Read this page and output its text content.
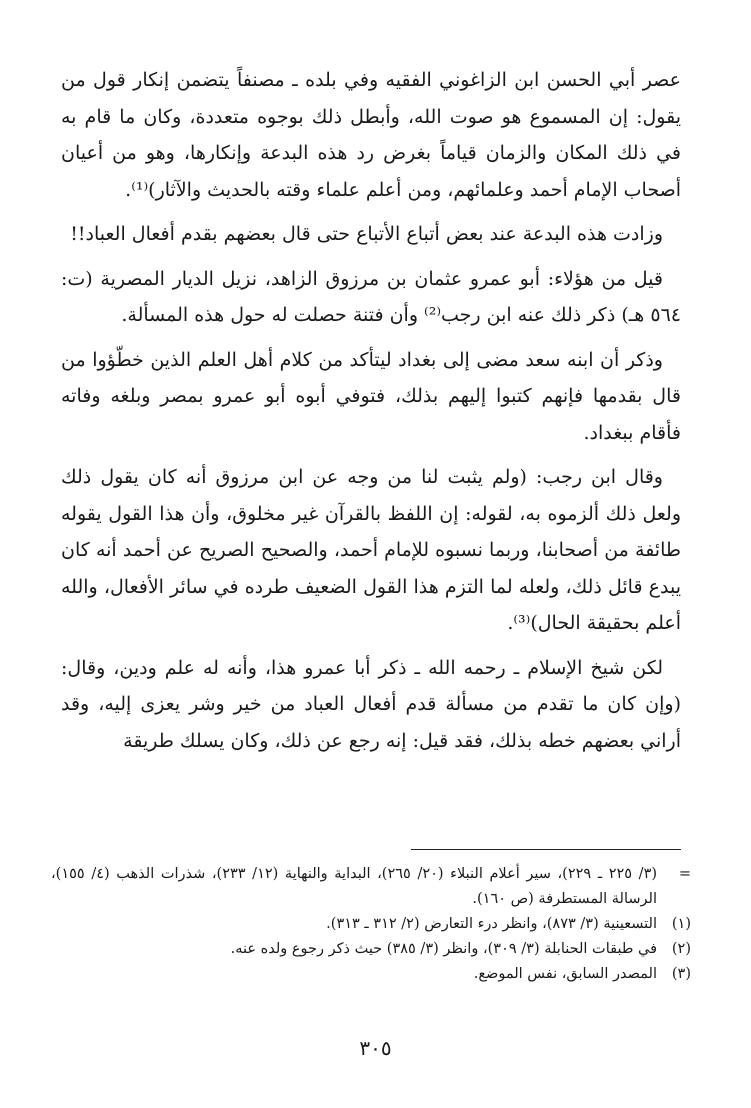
عصر أبي الحسن ابن الزاغوني الفقيه وفي بلده ـ مصنفاً يتضمن إنكار قول من يقول: إن المسموع هو صوت الله، وأبطل ذلك بوجوه متعددة، وكان ما قام به في ذلك المكان والزمان قياماً بغرض رد هذه البدعة وإنكارها، وهو من أعيان أصحاب الإمام أحمد وعلمائهم، ومن أعلم علماء وقته بالحديث والآثار)⁽¹⁾.

وزادت هذه البدعة عند بعض أتباع الأتباع حتى قال بعضهم بقدم أفعال العباد!!

قيل من هؤلاء: أبو عمرو عثمان بن مرزوق الزاهد، نزيل الديار المصرية (ت: ٥٦٤ هـ) ذكر ذلك عنه ابن رجب⁽²⁾ وأن فتنة حصلت له حول هذه المسألة.

وذكر أن ابنه سعد مضى إلى بغداد ليتأكد من كلام أهل العلم الذين خطّؤوا من قال بقدمها فإنهم كتبوا إليهم بذلك، فتوفي أبوه أبو عمرو بمصر وبلغه وفاته فأقام ببغداد.

وقال ابن رجب: (ولم يثبت لنا من وجه عن ابن مرزوق أنه كان يقول ذلك ولعل ذلك ألزموه به، لقوله: إن اللفظ بالقرآن غير مخلوق، وأن هذا القول يقوله طائفة من أصحابنا، وربما نسبوه للإمام أحمد، والصحيح الصريح عن أحمد أنه كان يبدع قائل ذلك، ولعله لما التزم هذا القول الضعيف طرده في سائر الأفعال، والله أعلم بحقيقة الحال)⁽³⁾.

لكن شيخ الإسلام ـ رحمه الله ـ ذكر أبا عمرو هذا، وأنه له علم ودين، وقال: (وإن كان ما تقدم من مسألة قدم أفعال العباد من خير وشر يعزى إليه، وقد أراني بعضهم خطه بذلك، فقد قيل: إنه رجع عن ذلك، وكان يسلك طريقة

=
(٣/ ٢٢٥ ـ ٢٢٩)، سير أعلام النبلاء (٢٠/ ٢٦٥)، البداية والنهاية (١٢/ ٢٣٣)، شذرات الذهب (٤/ ١٥٥)، الرسالة المستطرفة (ص ١٦٠).
(١)
التسعينية (٣/ ٨٧٣)، وانظر درء التعارض (٢/ ٣١٢ ـ ٣١٣).
(٢)
في طبقات الحنابلة (٣/ ٣٠٩)، وانظر (٣/ ٣٨٥) حيث ذكر رجوع ولده عنه.
(٣)
المصدر السابق، نفس الموضع.
٣٠٥
